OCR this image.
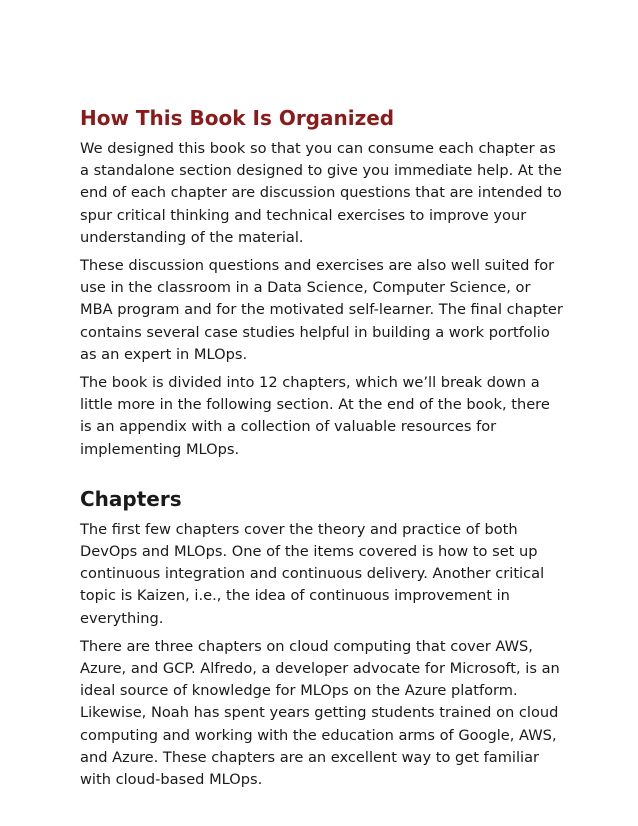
How This Book Is Organized

We designed this book so that you can consume each chapter as a standalone section designed to give you immediate help. At the end of each chapter are discussion questions that are intended to spur critical thinking and technical exercises to improve your understanding of the material.

These discussion questions and exercises are also well suited for use in the classroom in a Data Science, Computer Science, or MBA program and for the motivated self-learner. The final chapter contains several case studies helpful in building a work portfolio as an expert in MLOps.

The book is divided into 12 chapters, which we’ll break down a little more in the following section. At the end of the book, there is an appendix with a collection of valuable resources for implementing MLOps.

Chapters

The first few chapters cover the theory and practice of both DevOps and MLOps. One of the items covered is how to set up continuous integration and continuous delivery. Another critical topic is Kaizen, i.e., the idea of continuous improvement in everything.

There are three chapters on cloud computing that cover AWS, Azure, and GCP. Alfredo, a developer advocate for Microsoft, is an ideal source of knowledge for MLOps on the Azure platform. Likewise, Noah has spent years getting students trained on cloud computing and working with the education arms of Google, AWS, and Azure. These chapters are an excellent way to get familiar with cloud-based MLOps.
